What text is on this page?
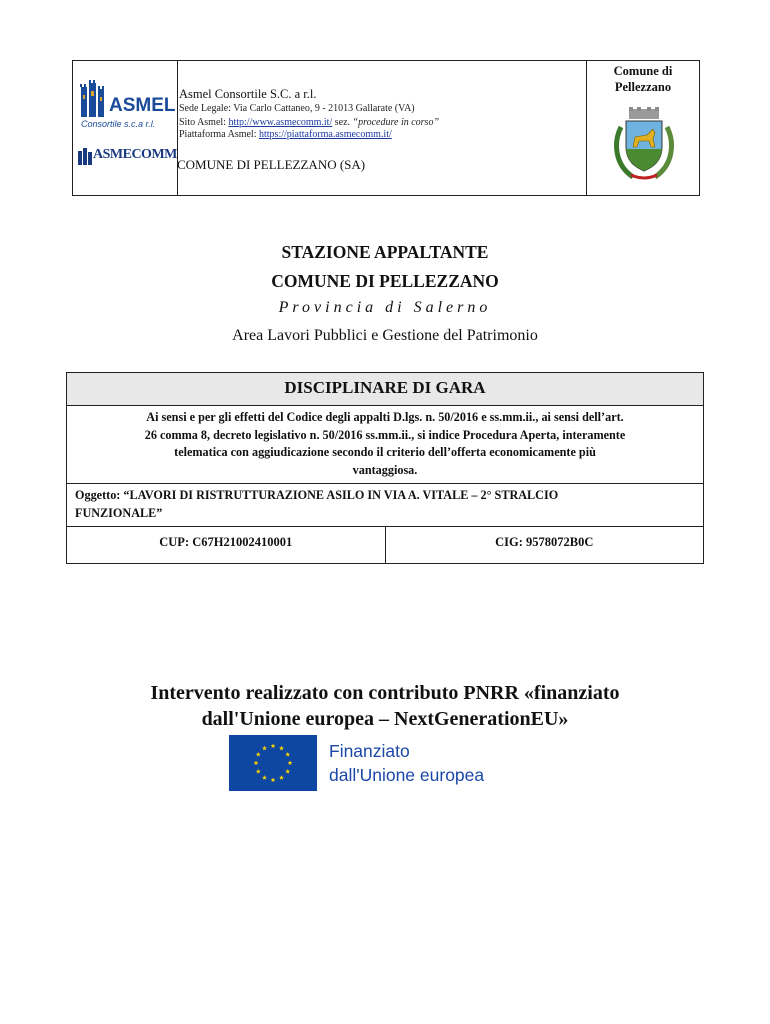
ASMEL
Consortile s.c.a r.l.
ASMECOMM
Asmel Consortile S.C. a r.l.
Sede Legale: Via Carlo Cattaneo, 9 - 21013 Gallarate (VA)
Sito Asmel: http://www.asmecomm.it/ sez. “procedure in corso”
Piattaforma Asmel: https://piattaforma.asmecomm.it/
COMUNE DI PELLEZZANO (SA)
Comune di
Pellezzano
STAZIONE APPALTANTE
COMUNE DI PELLEZZANO
Provincia di Salerno
Area Lavori Pubblici e Gestione del Patrimonio
DISCIPLINARE DI GARA
Ai sensi e per gli effetti del Codice degli appalti D.lgs. n. 50/2016 e ss.mm.ii., ai sensi dell’art.
26 comma 8, decreto legislativo n. 50/2016 ss.mm.ii., si indice Procedura Aperta, interamente
telematica con aggiudicazione secondo il criterio dell’offerta economicamente più
vantaggiosa.
Oggetto: “LAVORI DI RISTRUTTURAZIONE ASILO IN VIA A. VITALE – 2° STRALCIO
FUNZIONALE”
CUP: C67H21002410001	CIG: 9578072B0C
Intervento realizzato con contributo PNRR «finanziato
dall'Unione europea – NextGenerationEU»
Finanziato
dall'Unione europea
